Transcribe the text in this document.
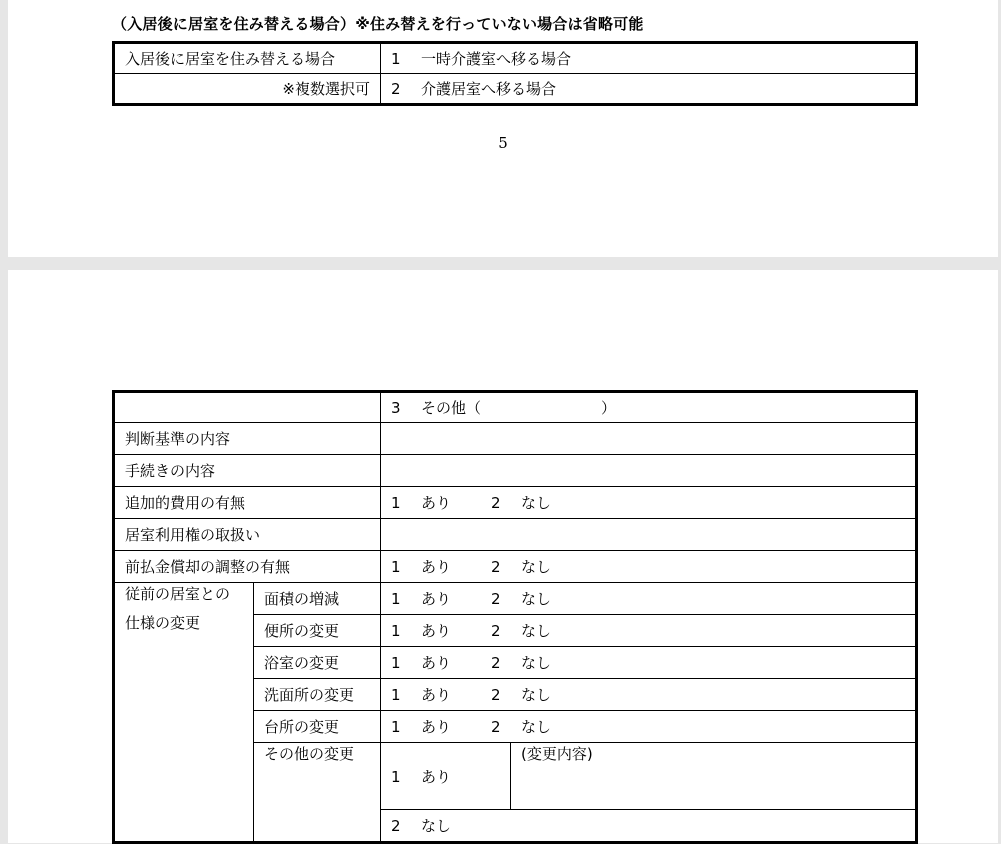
（入居後に居室を住み替える場合）※住み替えを行っていない場合は省略可能
入居後に居室を住み替える場合	1 一時介護室へ移る場合
※複数選択可	2 介護居室へ移る場合
5
		3 その他（ ）	
判断基準の内容			
手続きの内容			
追加的費用の有無		1 あり 2 なし	
居室利用権の取扱い			
前払金償却の調整の有無		1 あり 2 なし	

従前の居室との
仕様の変更	面積の増減	1 あり 2 なし	
	便所の変更	1 あり 2 なし	
	浴室の変更	1 あり 2 なし	
	洗面所の変更	1 あり 2 なし	
	台所の変更	1 あり 2 なし	
	その他の変更	1 あり	(変更内容)
		2 なし	
